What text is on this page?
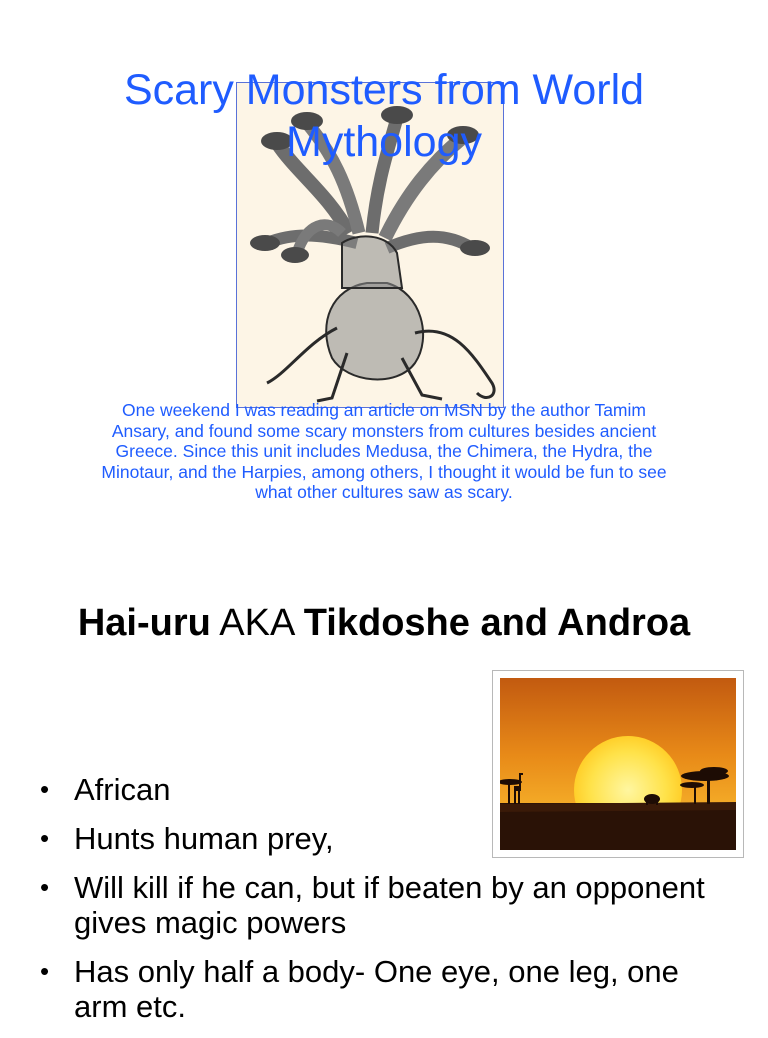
Scary Monsters from World Mythology

One weekend I was reading an article on MSN by the author Tamim Ansary, and found some scary monsters from cultures besides ancient Greece. Since this unit includes Medusa, the Chimera, the Hydra, the Minotaur, and the Harpies, among others, I thought it would be fun to see what other cultures saw as scary.

Hai-uru AKA Tikdoshe and Androa
• African
• Hunts human prey,
• Will kill if he can, but if beaten by an opponent gives magic powers
• Has only half a body- One eye, one leg, one arm etc.
